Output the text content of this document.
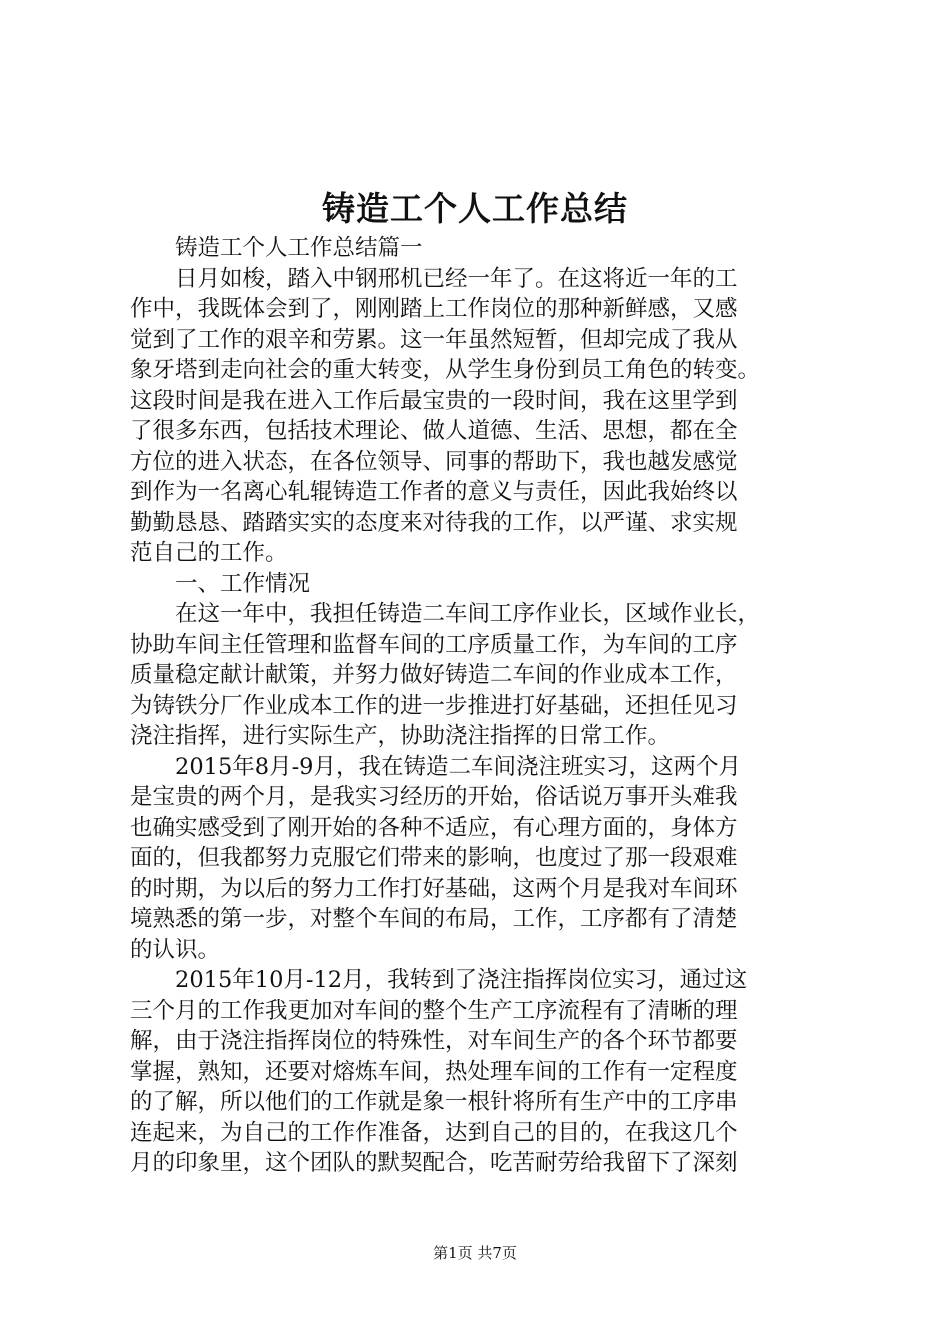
铸造工个人工作总结
　　铸造工个人工作总结篇一
　　日月如梭，踏入中钢邢机已经一年了。在这将近一年的工
作中，我既体会到了，刚刚踏上工作岗位的那种新鲜感，又感
觉到了工作的艰辛和劳累。这一年虽然短暂，但却完成了我从
象牙塔到走向社会的重大转变，从学生身份到员工角色的转变。
这段时间是我在进入工作后最宝贵的一段时间，我在这里学到
了很多东西，包括技术理论、做人道德、生活、思想，都在全
方位的进入状态，在各位领导、同事的帮助下，我也越发感觉
到作为一名离心轧辊铸造工作者的意义与责任，因此我始终以
勤勤恳恳、踏踏实实的态度来对待我的工作，以严谨、求实规
范自己的工作。
　　一、工作情况
　　在这一年中，我担任铸造二车间工序作业长，区域作业长，
协助车间主任管理和监督车间的工序质量工作，为车间的工序
质量稳定献计献策，并努力做好铸造二车间的作业成本工作，
为铸铁分厂作业成本工作的进一步推进打好基础，还担任见习
浇注指挥，进行实际生产，协助浇注指挥的日常工作。
　　2015年8月-9月，我在铸造二车间浇注班实习，这两个月
是宝贵的两个月，是我实习经历的开始，俗话说万事开头难我
也确实感受到了刚开始的各种不适应，有心理方面的，身体方
面的，但我都努力克服它们带来的影响，也度过了那一段艰难
的时期，为以后的努力工作打好基础，这两个月是我对车间环
境熟悉的第一步，对整个车间的布局，工作，工序都有了清楚
的认识。
　　2015年10月-12月，我转到了浇注指挥岗位实习，通过这
三个月的工作我更加对车间的整个生产工序流程有了清晰的理
解，由于浇注指挥岗位的特殊性，对车间生产的各个环节都要
掌握，熟知，还要对熔炼车间，热处理车间的工作有一定程度
的了解，所以他们的工作就是象一根针将所有生产中的工序串
连起来，为自己的工作作准备，达到自己的目的，在我这几个
月的印象里，这个团队的默契配合，吃苦耐劳给我留下了深刻
第1页 共7页
